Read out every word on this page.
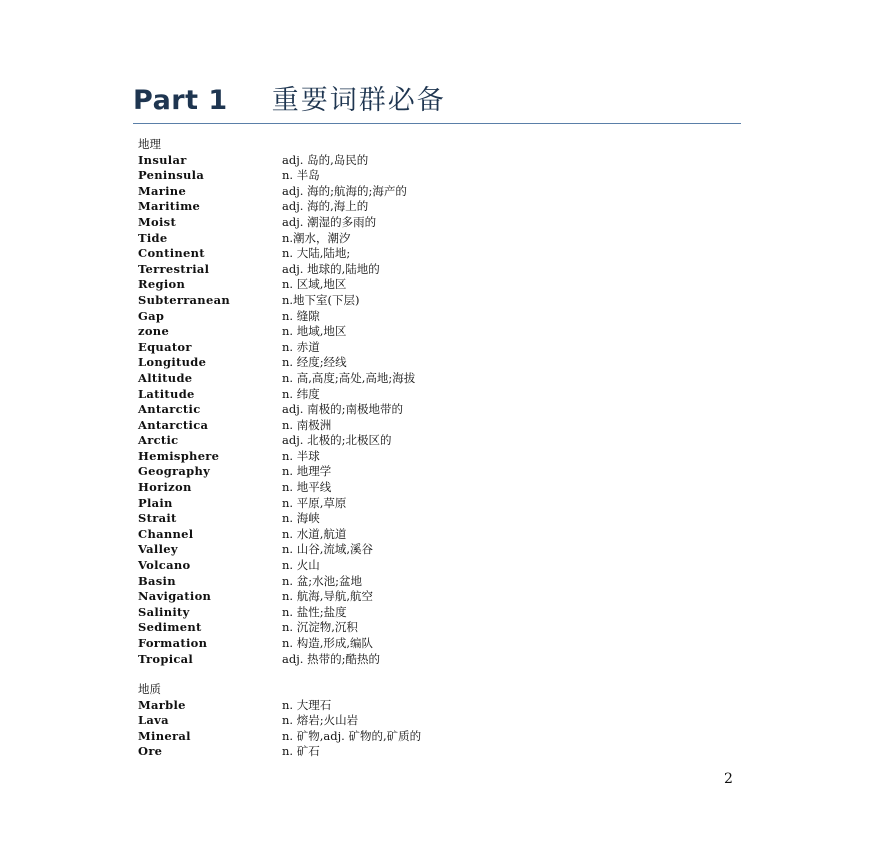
Part 1 重要词群必备
地理
Insular	adj. 岛的,岛民的
Peninsula	n. 半岛
Marine	adj. 海的;航海的;海产的
Maritime	adj. 海的,海上的
Moist	adj. 潮湿的多雨的
Tide	n.潮水，潮汐
Continent	n. 大陆,陆地;
Terrestrial	adj. 地球的,陆地的
Region	n. 区域,地区
Subterranean	n.地下室(下层)
Gap	n. 缝隙
zone	n. 地域,地区
Equator	n. 赤道
Longitude	n. 经度;经线
Altitude	n. 高,高度;高处,高地;海拔
Latitude	n. 纬度
Antarctic	adj. 南极的;南极地带的
Antarctica	n. 南极洲
Arctic	adj. 北极的;北极区的
Hemisphere	n. 半球
Geography	n. 地理学
Horizon	n. 地平线
Plain	n. 平原,草原
Strait	n. 海峡
Channel	n. 水道,航道
Valley	n. 山谷,流域,溪谷
Volcano	n. 火山
Basin	n. 盆;水池;盆地
Navigation	n. 航海,导航,航空
Salinity	n. 盐性;盐度
Sediment	n. 沉淀物,沉积
Formation	n. 构造,形成,编队
Tropical	adj. 热带的;酷热的
地质
Marble	n. 大理石
Lava	n. 熔岩;火山岩
Mineral	n. 矿物,adj. 矿物的,矿质的
Ore	n. 矿石
2
